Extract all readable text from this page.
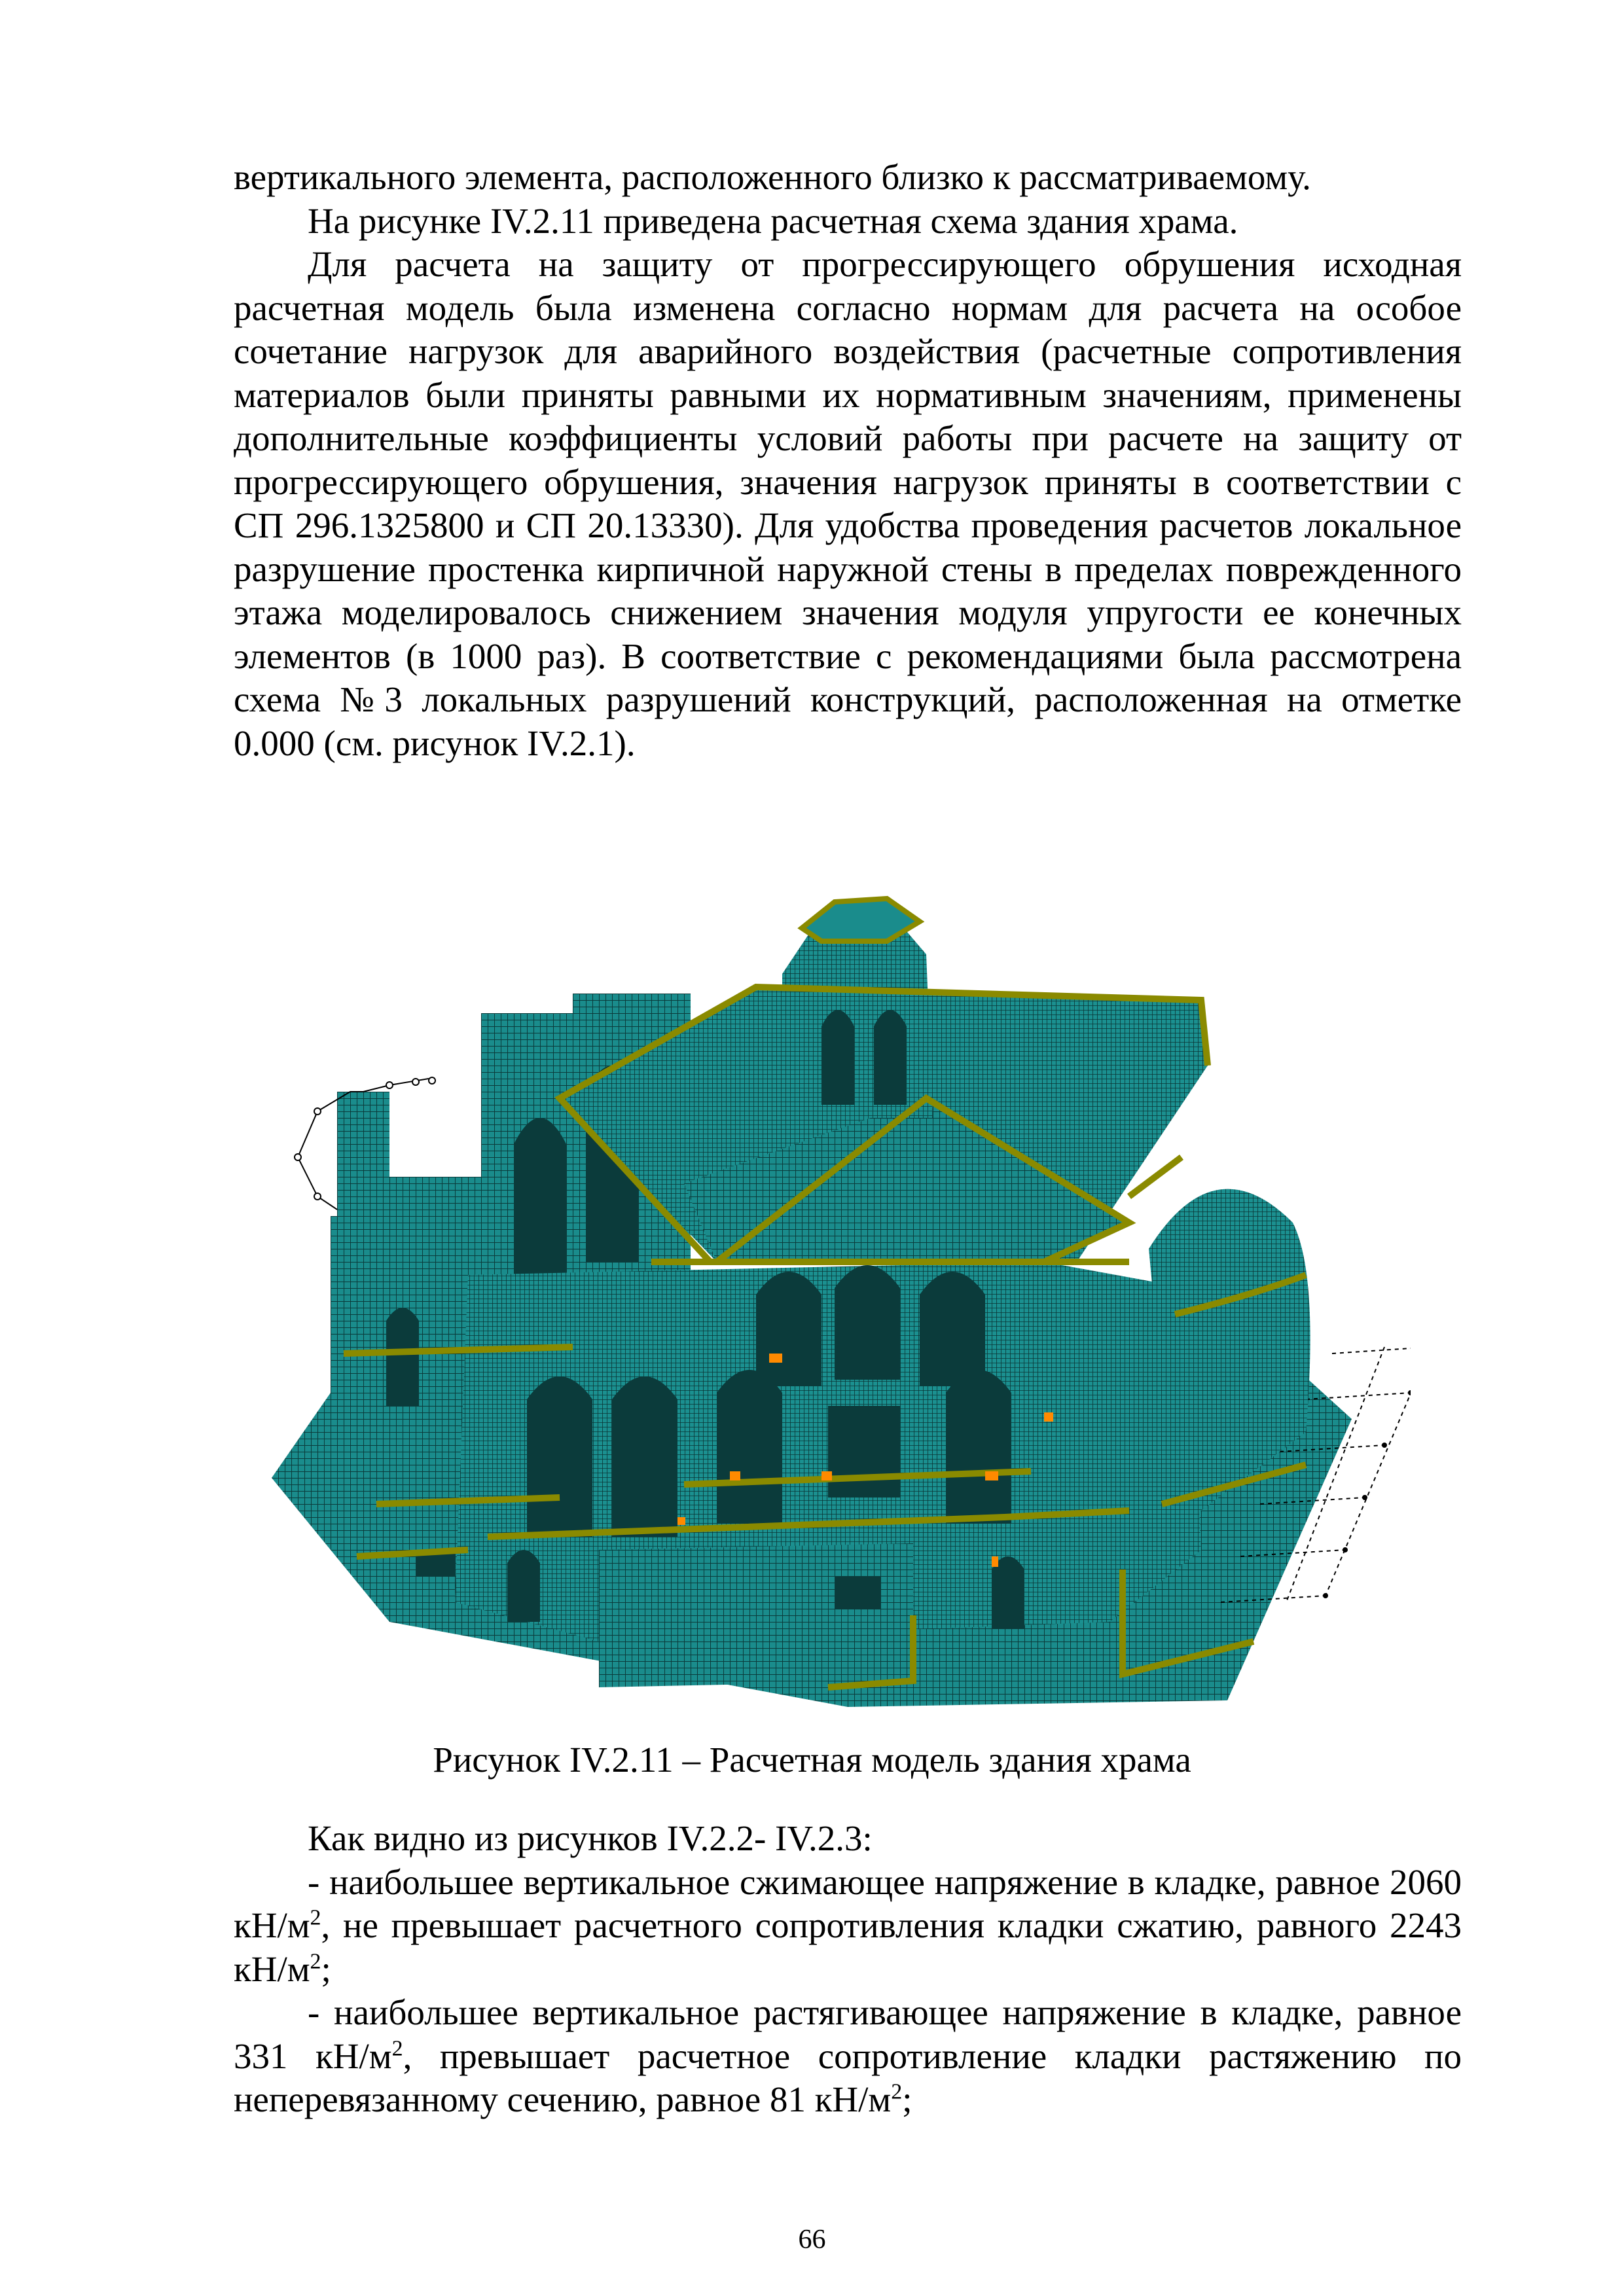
вертикального элемента, расположенного близко к рассматриваемому.

На рисунке IV.2.11 приведена расчетная схема здания храма.

Для расчета на защиту от прогрессирующего обрушения исходная расчетная модель была изменена согласно нормам для расчета на особое сочетание нагрузок для аварийного воздействия (расчетные сопротивления материалов были приняты равными их нормативным значениям, применены дополнительные коэффициенты условий работы при расчете на защиту от прогрессирующего обрушения, значения нагрузок приняты в соответствии с СП 296.1325800 и СП 20.13330). Для удобства проведения расчетов локальное разрушение простенка кирпичной наружной стены в пределах поврежденного этажа моделировалось снижением значения модуля упругости ее конечных элементов (в 1000 раз). В соответствие с рекомендациями была рассмотрена схема №3 локальных разрушений конструкций, расположенная на отметке 0.000 (см. рисунок IV.2.1).

Рисунок IV.2.11 – Расчетная модель здания храма

Как видно из рисунков IV.2.2- IV.2.3:

- наибольшее вертикальное сжимающее напряжение в кладке, равное 2060 $кН/м^2$, не превышает расчетного сопротивления кладки сжатию, равного 2243 $кН/м^2$;

- наибольшее вертикальное растягивающее напряжение в кладке, равное 331 $кН/м^2$, превышает расчетное сопротивление кладки растяжению по неперевязанному сечению, равное 81 $кН/м^2$;

66
